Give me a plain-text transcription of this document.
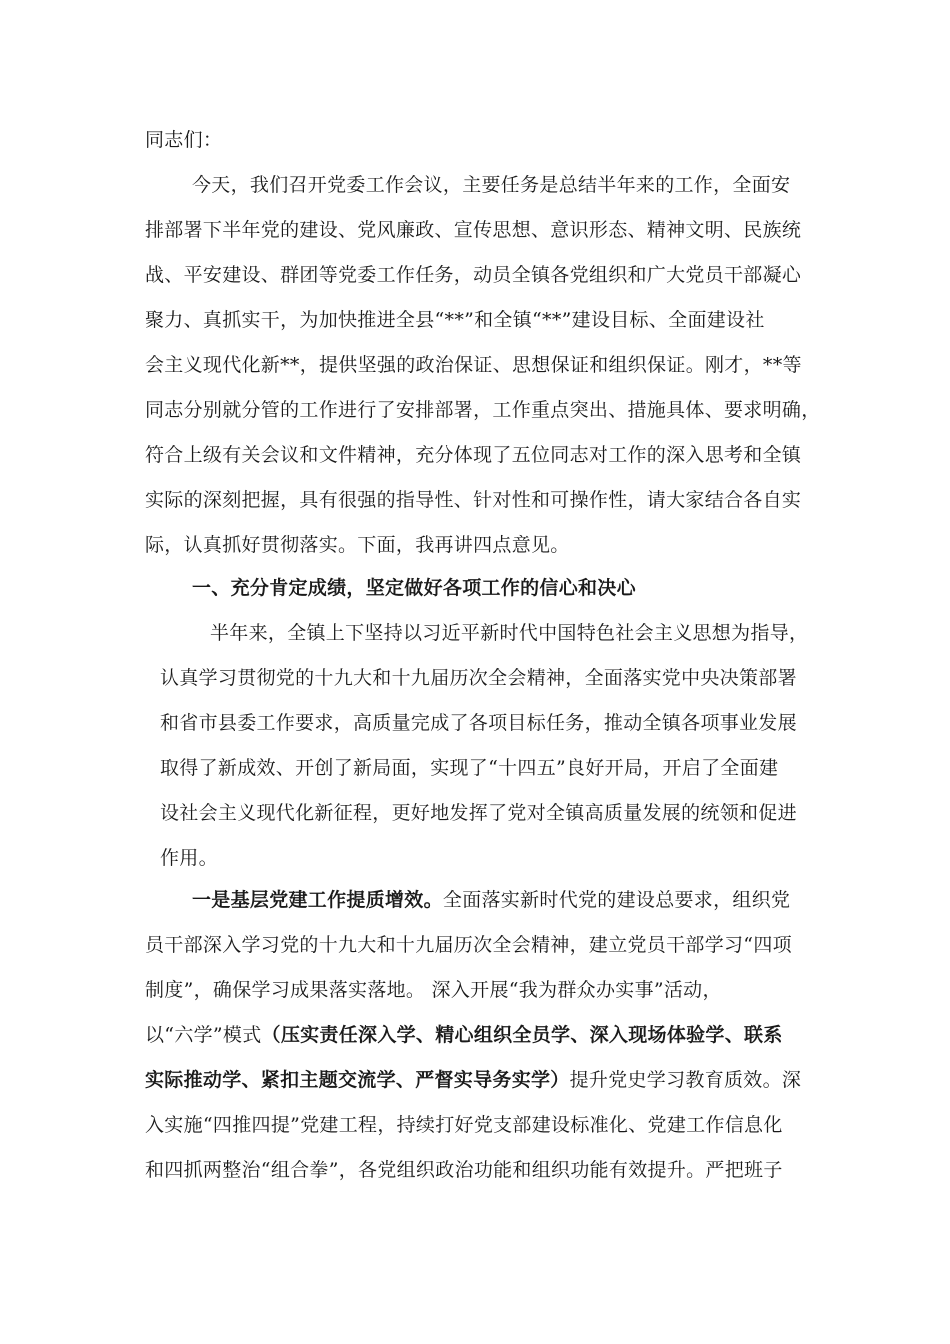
同志们：
今天，我们召开党委工作会议，主要任务是总结半年来的工作，全面安
排部署下半年党的建设、党风廉政、宣传思想、意识形态、精神文明、民族统
战、平安建设、群团等党委工作任务，动员全镇各党组织和广大党员干部凝心
聚力、真抓实干，为加快推进全县“**”和全镇“**”建设目标、全面建设社
会主义现代化新**，提供坚强的政治保证、思想保证和组织保证。刚才，**等
同志分别就分管的工作进行了安排部署，工作重点突出、措施具体、要求明确，
符合上级有关会议和文件精神，充分体现了五位同志对工作的深入思考和全镇
实际的深刻把握，具有很强的指导性、针对性和可操作性，请大家结合各自实
际，认真抓好贯彻落实。下面，我再讲四点意见。
一、充分肯定成绩，坚定做好各项工作的信心和决心
半年来，全镇上下坚持以习近平新时代中国特色社会主义思想为指导，
认真学习贯彻党的十九大和十九届历次全会精神，全面落实党中央决策部署
和省市县委工作要求，高质量完成了各项目标任务，推动全镇各项事业发展
取得了新成效、开创了新局面，实现了“十四五”良好开局，开启了全面建
设社会主义现代化新征程，更好地发挥了党对全镇高质量发展的统领和促进
作用。
一是基层党建工作提质增效。全面落实新时代党的建设总要求，组织党
员干部深入学习党的十九大和十九届历次全会精神，建立党员干部学习“四项
制度”，确保学习成果落实落地。 深入开展“我为群众办实事”活动，
以“六学”模式（压实责任深入学、精心组织全员学、深入现场体验学、联系
实际推动学、紧扣主题交流学、严督实导务实学）提升党史学习教育质效。深
入实施“四推四提”党建工程，持续打好党支部建设标准化、党建工作信息化
和四抓两整治“组合拳”，各党组织政治功能和组织功能有效提升。严把班子
